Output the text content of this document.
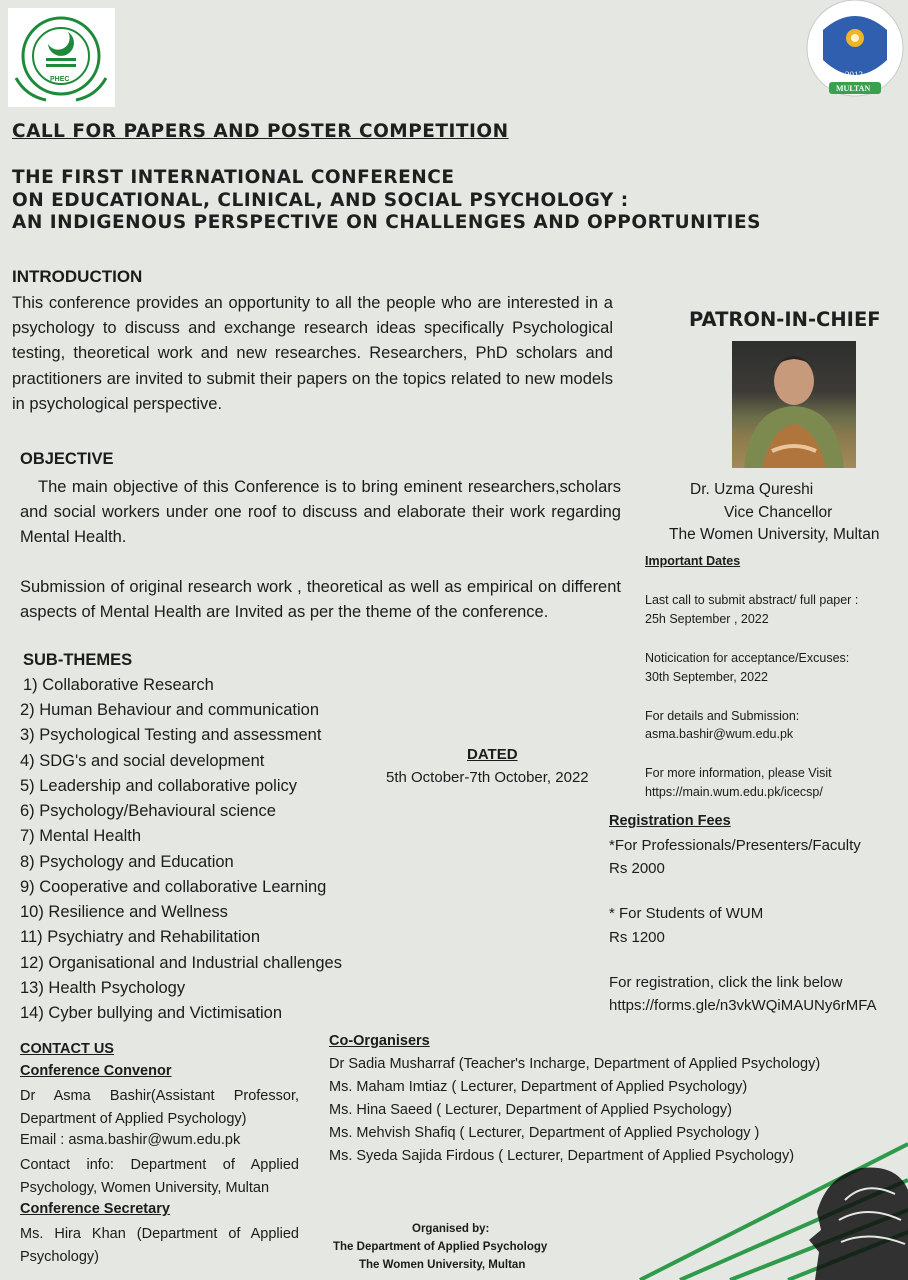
PHEC	2013
MULTAN
CALL FOR PAPERS AND POSTER COMPETITION
THE FIRST INTERNATIONAL CONFERENCE
ON EDUCATIONAL, CLINICAL, AND SOCIAL PSYCHOLOGY :
AN INDIGENOUS PERSPECTIVE ON CHALLENGES AND OPPORTUNITIES
INTRODUCTION
This conference provides an opportunity to all the people who are interested in a psychology to discuss and exchange research ideas specifically Psychological testing, theoretical work and new researches. Researchers, PhD scholars and practitioners are invited to submit their papers on the topics related to new models in psychological perspective.
OBJECTIVE
The main objective of this Conference is to bring eminent researchers,scholars and social workers under one roof to discuss and elaborate their work regarding Mental Health.
Submission of original research work , theoretical as well as empirical on different aspects of Mental Health are Invited as per the theme of the conference.
SUB-THEMES
1) Collaborative Research
2) Human Behaviour and communication
3) Psychological Testing and assessment
4) SDG's and social development
5) Leadership and collaborative policy
6) Psychology/Behavioural science
7) Mental Health
8) Psychology and Education
9) Cooperative and collaborative Learning
10) Resilience and Wellness
11) Psychiatry and Rehabilitation
12) Organisational and Industrial challenges
13) Health Psychology
14) Cyber bullying and Victimisation
DATED
5th October-7th October, 2022
PATRON-IN-CHIEF
Dr. Uzma Qureshi
Vice Chancellor
The Women University, Multan
Important Dates
Last call to submit abstract/ full paper :
25h September , 2022
Noticication for acceptance/Excuses:
30th September, 2022
For details and Submission:
asma.bashir@wum.edu.pk
For more information, please Visit
https://main.wum.edu.pk/icecsp/
Registration Fees
*For Professionals/Presenters/Faculty
Rs 2000
* For Students of WUM
Rs 1200
For registration, click the link below
https://forms.gle/n3vkWQiMAUNy6rMFA
CONTACT US
Conference Convenor
Dr Asma Bashir(Assistant Professor, Department of Applied Psychology)
Email : asma.bashir@wum.edu.pk
Contact info: Department of Applied Psychology, Women University, Multan
Conference Secretary
Ms. Hira Khan (Department of Applied Psychology)
Co-Organisers
Dr Sadia Musharraf (Teacher's Incharge, Department of Applied Psychology)
Ms. Maham Imtiaz ( Lecturer, Department of Applied Psychology)
Ms. Hina Saeed ( Lecturer, Department of Applied Psychology)
Ms. Mehvish Shafiq ( Lecturer, Department of Applied Psychology )
Ms. Syeda Sajida Firdous ( Lecturer, Department of Applied Psychology)
Organised by:
The Department of Applied Psychology
The Women University, Multan
